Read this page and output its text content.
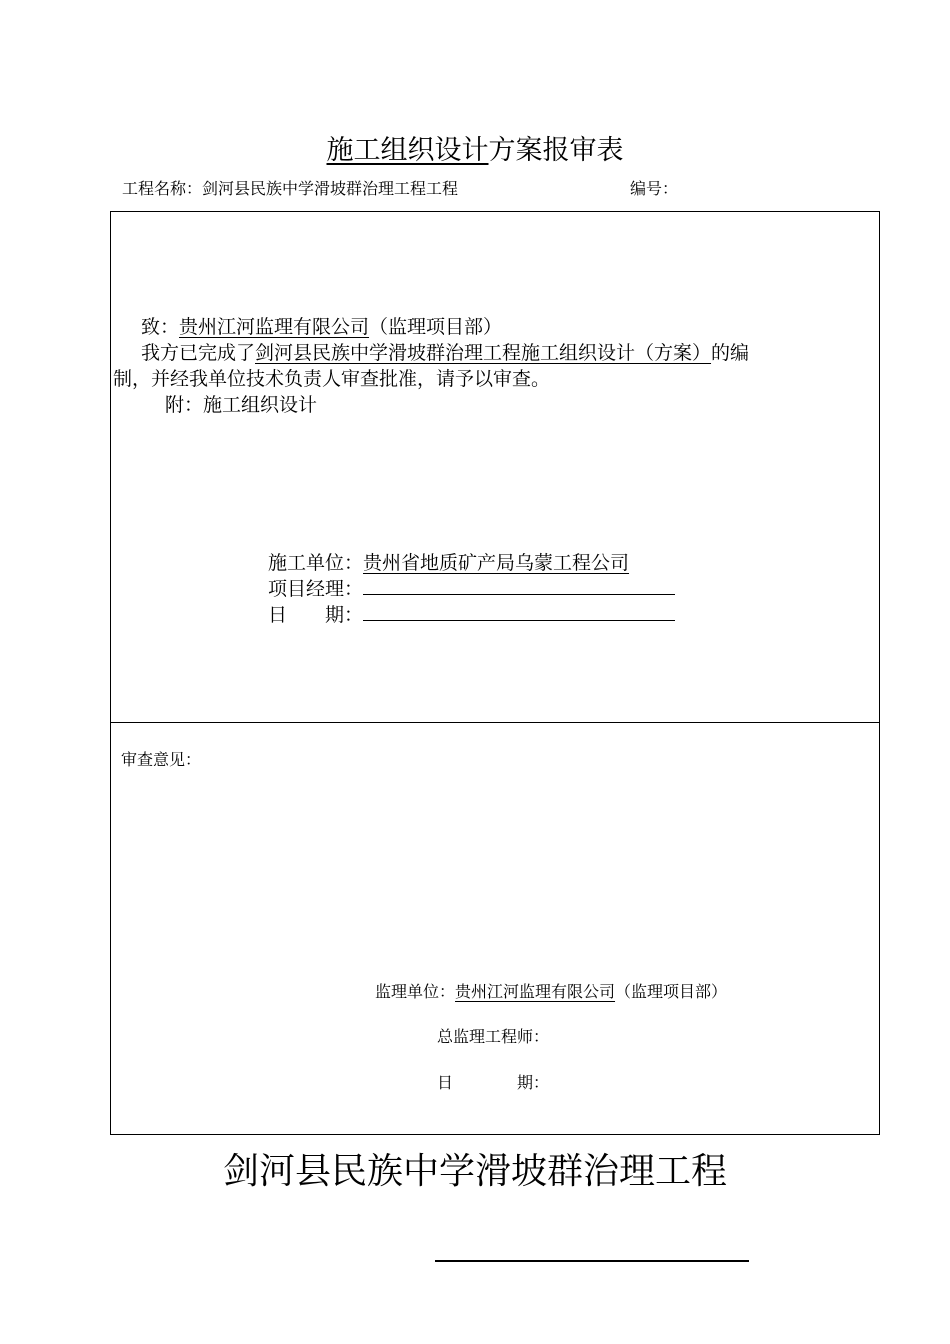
施工组织设计方案报审表
工程名称：剑河县民族中学滑坡群治理工程工程	编号：
致：贵州江河监理有限公司（监理项目部）
我方已完成了剑河县民族中学滑坡群治理工程施工组织设计（方案）的编
制，并经我单位技术负责人审查批准，请予以审查。
附：施工组织设计
施工单位：贵州省地质矿产局乌蒙工程公司
项目经理：
日　　期：
审查意见：
监理单位：贵州江河监理有限公司（监理项目部）
总监理工程师：
日　　　　期：
剑河县民族中学滑坡群治理工程
